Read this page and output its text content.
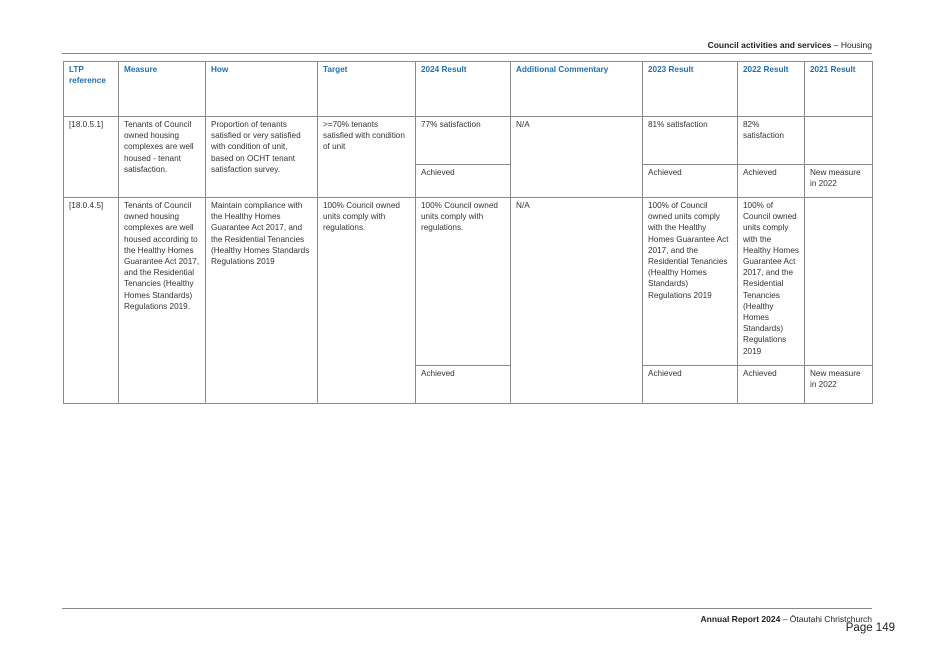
Council activities and services – Housing
LTP reference	Measure	How	Target	2024 Result	Additional Commentary	2023 Result	2022 Result	2021 Result
[18.0.5.1]	Tenants of Council owned housing complexes are well housed - tenant satisfaction.	Proportion of tenants satisfied or very satisfied with condition of unit, based on OCHT tenant satisfaction survey.	>=70% tenants satisfied with condition of unit	77% satisfaction	N/A	81% satisfaction	82% satisfaction	
				Achieved		Achieved	Achieved	New measure in 2022
[18.0.4.5]	Tenants of Council owned housing complexes are well housed according to the Healthy Homes Guarantee Act 2017, and the Residential Tenancies (Healthy Homes Standards) Regulations 2019.	Maintain compliance with the Healthy Homes Guarantee Act 2017, and the Residential Tenancies (Healthy Homes Standards Regulations 2019	100% Council owned units comply with regulations.	100% Council owned units comply with regulations.	N/A	100% of Council owned units comply with the Healthy Homes Guarantee Act 2017, and the Residential Tenancies (Healthy Homes Standards) Regulations 2019	100% of Council owned units comply with the Healthy Homes Guarantee Act 2017, and the Residential Tenancies (Healthy Homes Standards) Regulations 2019	
				Achieved		Achieved	Achieved	New measure in 2022
Annual Report 2024 – Ōtautahi Christchurch
Page 149
